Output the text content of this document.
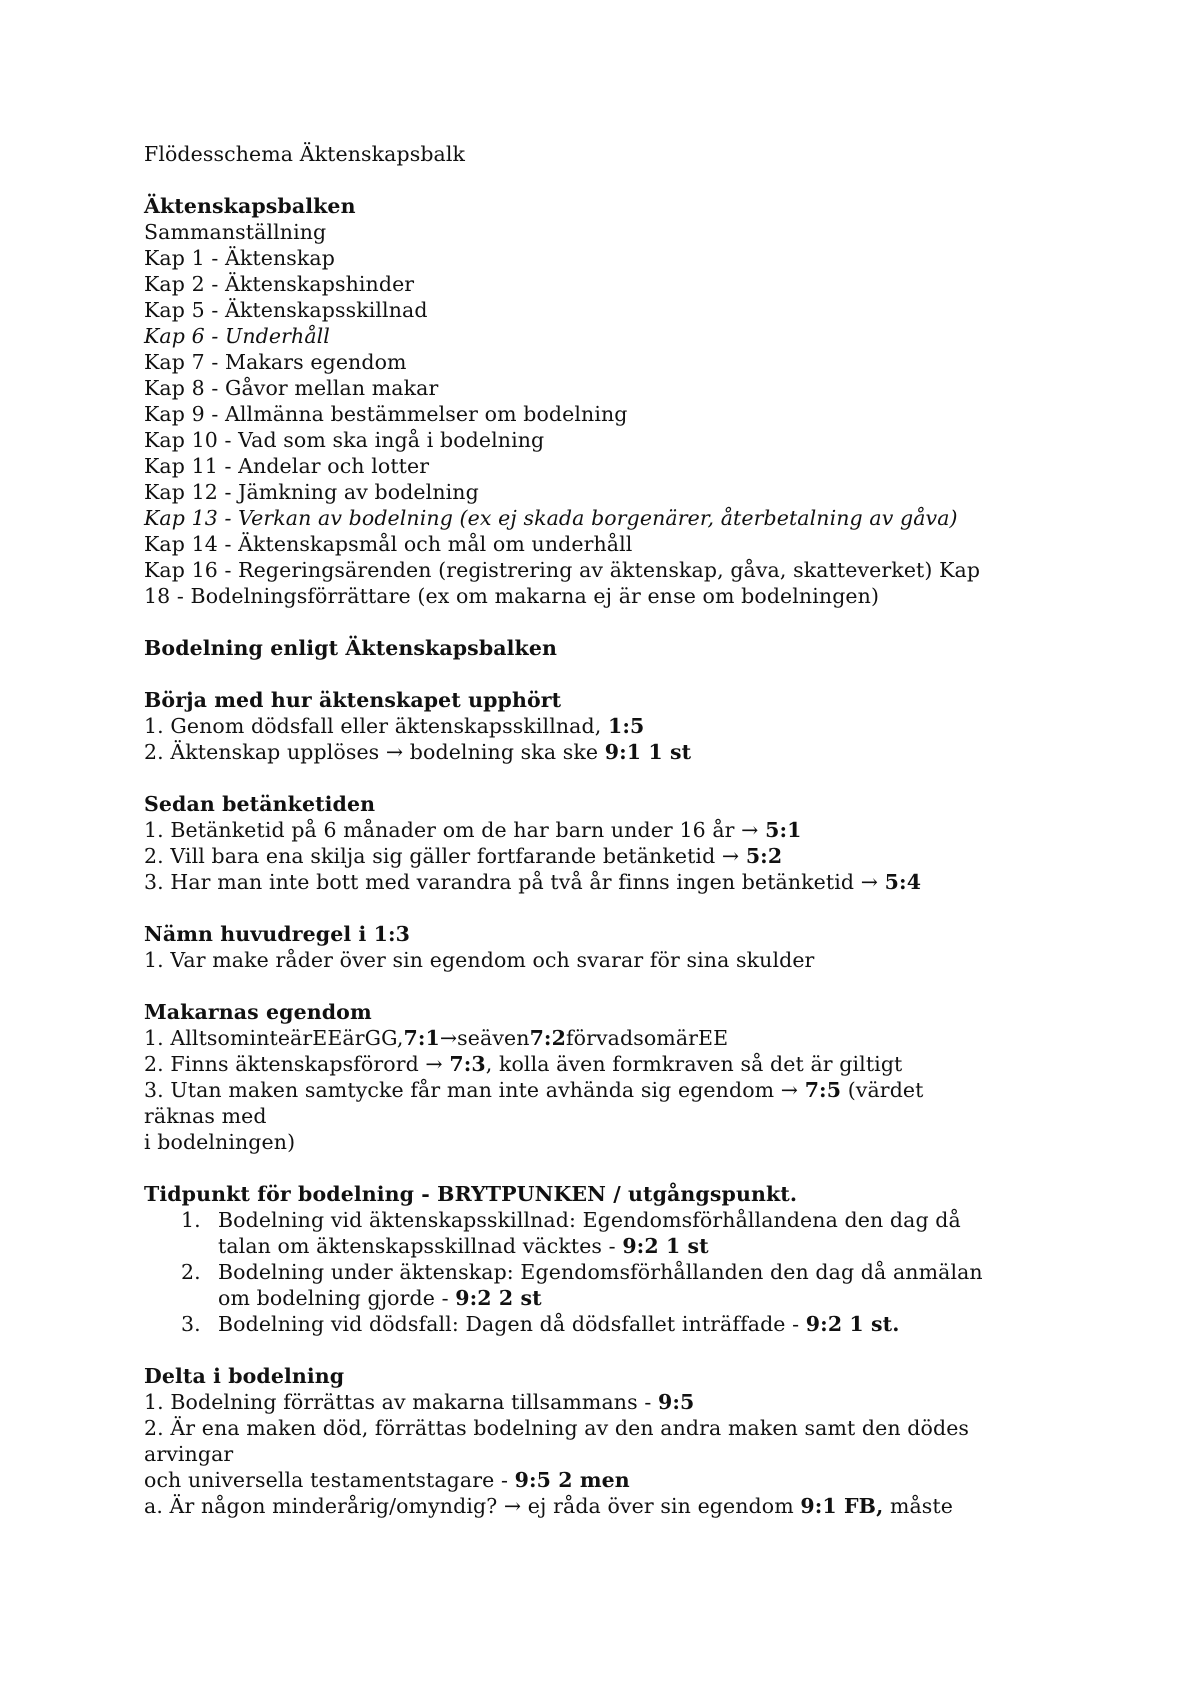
Flödesschema Äktenskapsbalk
Äktenskapsbalken
Sammanställning
Kap 1 - Äktenskap
Kap 2 - Äktenskapshinder
Kap 5 - Äktenskapsskillnad
Kap 6 - Underhåll
Kap 7 - Makars egendom
Kap 8 - Gåvor mellan makar
Kap 9 - Allmänna bestämmelser om bodelning
Kap 10 - Vad som ska ingå i bodelning
Kap 11 - Andelar och lotter
Kap 12 - Jämkning av bodelning
Kap 13 - Verkan av bodelning (ex ej skada borgenärer, återbetalning av gåva)
Kap 14 - Äktenskapsmål och mål om underhåll
Kap 16 - Regeringsärenden (registrering av äktenskap, gåva, skatteverket) Kap
18 - Bodelningsförrättare (ex om makarna ej är ense om bodelningen)
Bodelning enligt Äktenskapsbalken
Börja med hur äktenskapet upphört
1. Genom dödsfall eller äktenskapsskillnad, 1:5
2. Äktenskap upplöses → bodelning ska ske 9:1 1 st
Sedan betänketiden
1. Betänketid på 6 månader om de har barn under 16 år → 5:1
2. Vill bara ena skilja sig gäller fortfarande betänketid → 5:2
3. Har man inte bott med varandra på två år finns ingen betänketid → 5:4
Nämn huvudregel i 1:3
1. Var make råder över sin egendom och svarar för sina skulder
Makarnas egendom
1. AlltsominteärEEärGG,7:1→seäven7:2förvadsomärEE
2. Finns äktenskapsförord → 7:3, kolla även formkraven så det är giltigt
3. Utan maken samtycke får man inte avhända sig egendom → 7:5 (värdet
räknas med
i bodelningen)
Tidpunkt för bodelning - BRYTPUNKEN / utgångspunkt.
1. Bodelning vid äktenskapsskillnad: Egendomsförhållandena den dag då
talan om äktenskapsskillnad väcktes - 9:2 1 st
2. Bodelning under äktenskap: Egendomsförhållanden den dag då anmälan
om bodelning gjorde - 9:2 2 st
3. Bodelning vid dödsfall: Dagen då dödsfallet inträffade - 9:2 1 st.
Delta i bodelning
1. Bodelning förrättas av makarna tillsammans - 9:5
2. Är ena maken död, förrättas bodelning av den andra maken samt den dödes
arvingar
och universella testamentstagare - 9:5 2 men
a. Är någon minderårig/omyndig? → ej råda över sin egendom 9:1 FB, måste
